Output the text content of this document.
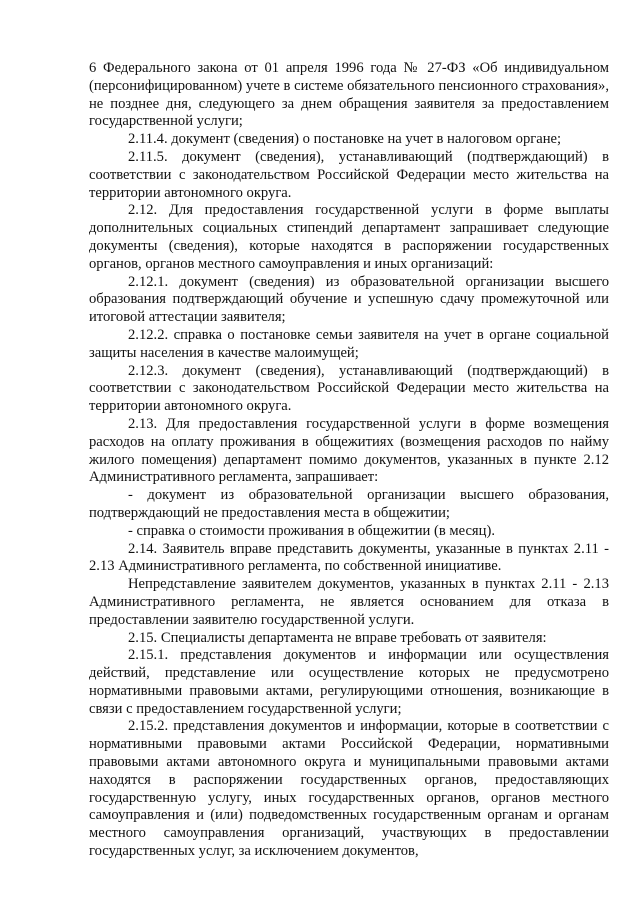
6 Федерального закона от 01 апреля 1996 года № 27-ФЗ «Об индивидуальном (персонифицированном) учете в системе обязательного пенсионного страхования», не позднее дня, следующего за днем обращения заявителя за предоставлением государственной услуги;

2.11.4. документ (сведения) о постановке на учет в налоговом органе;

2.11.5. документ (сведения), устанавливающий (подтверждающий) в соответствии с законодательством Российской Федерации место жительства на территории автономного округа.

2.12. Для предоставления государственной услуги в форме выплаты дополнительных социальных стипендий департамент запрашивает следующие документы (сведения), которые находятся в распоряжении государственных органов, органов местного самоуправления и иных организаций:

2.12.1. документ (сведения) из образовательной организации высшего образования подтверждающий обучение и успешную сдачу промежуточной или итоговой аттестации заявителя;

2.12.2. справка о постановке семьи заявителя на учет в органе социальной защиты населения в качестве малоимущей;

2.12.3. документ (сведения), устанавливающий (подтверждающий) в соответствии с законодательством Российской Федерации место жительства на территории автономного округа.

2.13. Для предоставления государственной услуги в форме возмещения расходов на оплату проживания в общежитиях (возмещения расходов по найму жилого помещения) департамент помимо документов, указанных в пункте 2.12 Административного регламента, запрашивает:

- документ из образовательной организации высшего образования, подтверждающий не предоставления места в общежитии;

- справка о стоимости проживания в общежитии (в месяц).

2.14. Заявитель вправе представить документы, указанные в пунктах 2.11 - 2.13 Административного регламента, по собственной инициативе.

Непредставление заявителем документов, указанных в пунктах 2.11 - 2.13 Административного регламента, не является основанием для отказа в предоставлении заявителю государственной услуги.

2.15. Специалисты департамента не вправе требовать от заявителя:

2.15.1. представления документов и информации или осуществления действий, представление или осуществление которых не предусмотрено нормативными правовыми актами, регулирующими отношения, возникающие в связи с предоставлением государственной услуги;

2.15.2. представления документов и информации, которые в соответствии с нормативными правовыми актами Российской Федерации, нормативными правовыми актами автономного округа и муниципальными правовыми актами находятся в распоряжении государственных органов, предоставляющих государственную услугу, иных государственных органов, органов местного самоуправления и (или) подведомственных государственным органам и органам местного самоуправления организаций, участвующих в предоставлении государственных услуг, за исключением документов,
